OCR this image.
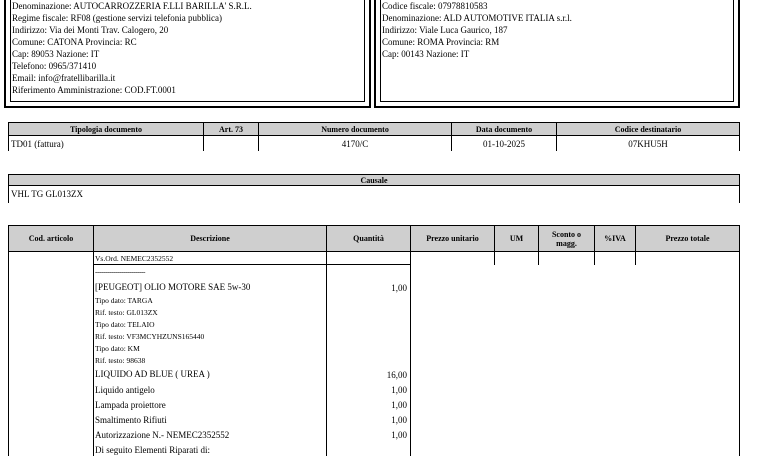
Denominazione: AUTOCARROZZERIA F.LLI BARILLA' S.R.L.
Regime fiscale: RF08 (gestione servizi telefonia pubblica)
Indirizzo: Via dei Monti Trav. Calogero, 20
Comune: CATONA Provincia: RC
Cap: 89053 Nazione: IT
Telefono: 0965/371410
Email: info@fratellibarilla.it
Riferimento Amministrazione: COD.FT.0001
Codice fiscale: 07978810583
Denominazione: ALD AUTOMOTIVE ITALIA s.r.l.
Indirizzo: Viale Luca Gaurico, 187
Comune: ROMA Provincia: RM
Cap: 00143 Nazione: IT
Tipologia documento	Art. 73	Numero documento	Data documento	Codice destinatario
TD01 (fattura)		4170/C	01-10-2025	07KHU5H
Causale
VHL TG GL013ZX
Cod. articolo	Descrizione	Quantità	Prezzo unitario	UM	Sconto o magg.	%IVA	Prezzo totale
Vs.Ord. NEMEC2352552
-------------------------
[PEUGEOT] OLIO MOTORE SAE 5w-30	1,00
Tipo dato: TARGA
Rif. testo: GL013ZX
Tipo dato: TELAIO
Rif. testo: VF3MCYHZUNS165440
Tipo dato: KM
Rif. testo: 98638
LIQUIDO AD BLUE ( UREA )	16,00
Liquido antigelo	1,00
Lampada proiettore	1,00
Smaltimento Rifiuti	1,00
Autorizzazione N.- NEMEC2352552	1,00
Di seguito Elementi Riparati di:
